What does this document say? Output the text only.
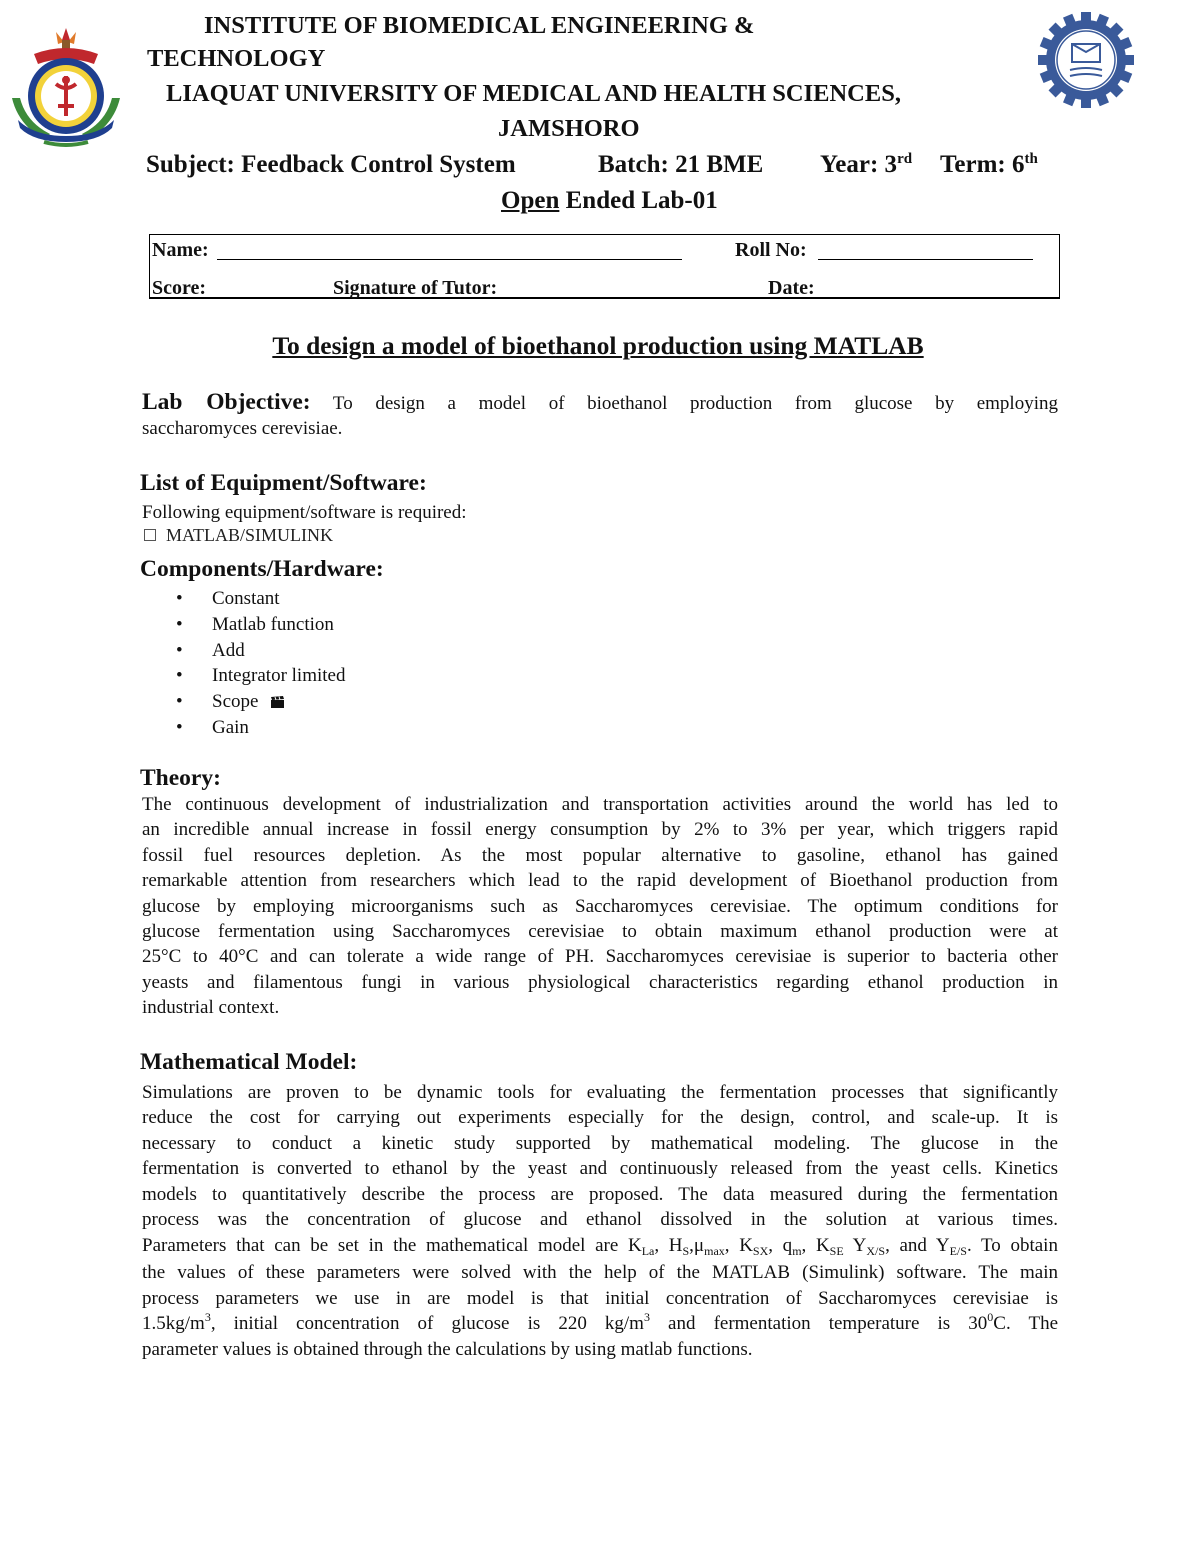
INSTITUTE OF BIOMEDICAL ENGINEERING &
TECHNOLOGY
LIAQUAT UNIVERSITY OF MEDICAL AND HEALTH SCIENCES,
JAMSHORO
Subject: Feedback Control System	Batch: 21 BME Year: 3rd Term: 6th
Open Ended Lab-01
Name:	Roll No:
Score:	Signature of Tutor:	Date:
To design a model of bioethanol production using MATLAB
Lab Objective: To design a model of bioethanol production from glucose by employing
saccharomyces cerevisiae.
List of Equipment/Software:
Following equipment/software is required:
MATLAB/SIMULINK
Components/Hardware:
• Constant
• Matlab function
• Add
• Integrator limited
• Scope
• Gain
Theory:
The continuous development of industrialization and transportation activities around the world has led to
an incredible annual increase in fossil energy consumption by 2% to 3% per year, which triggers rapid
fossil fuel resources depletion. As the most popular alternative to gasoline, ethanol has gained
remarkable attention from researchers which lead to the rapid development of Bioethanol production from
glucose by employing microorganisms such as Saccharomyces cerevisiae. The optimum conditions for
glucose fermentation using Saccharomyces cerevisiae to obtain maximum ethanol production were at
25°C to 40°C and can tolerate a wide range of PH. Saccharomyces cerevisiae is superior to bacteria other
yeasts and filamentous fungi in various physiological characteristics regarding ethanol production in
industrial context.
Mathematical Model:
Simulations are proven to be dynamic tools for evaluating the fermentation processes that significantly
reduce the cost for carrying out experiments especially for the design, control, and scale-up. It is
necessary to conduct a kinetic study supported by mathematical modeling. The glucose in the
fermentation is converted to ethanol by the yeast and continuously released from the yeast cells. Kinetics
models to quantitatively describe the process are proposed. The data measured during the fermentation
process was the concentration of glucose and ethanol dissolved in the solution at various times.
Parameters that can be set in the mathematical model are $K_{La}$, $H_S,\mu_{max}$, $K_{SX}$, $q_m$, $K_{SE}$ $Y_{X/S}$, and $Y_{E/S}$. To obtain
the values of these parameters were solved with the help of the MATLAB (Simulink) software. The main
process parameters we use in are model is that initial concentration of Saccharomyces cerevisiae is
$1.5kg/m^3$, initial concentration of glucose is 220 $kg/m^3$ and fermentation temperature is $30^0C$. The
parameter values is obtained through the calculations by using matlab functions.
